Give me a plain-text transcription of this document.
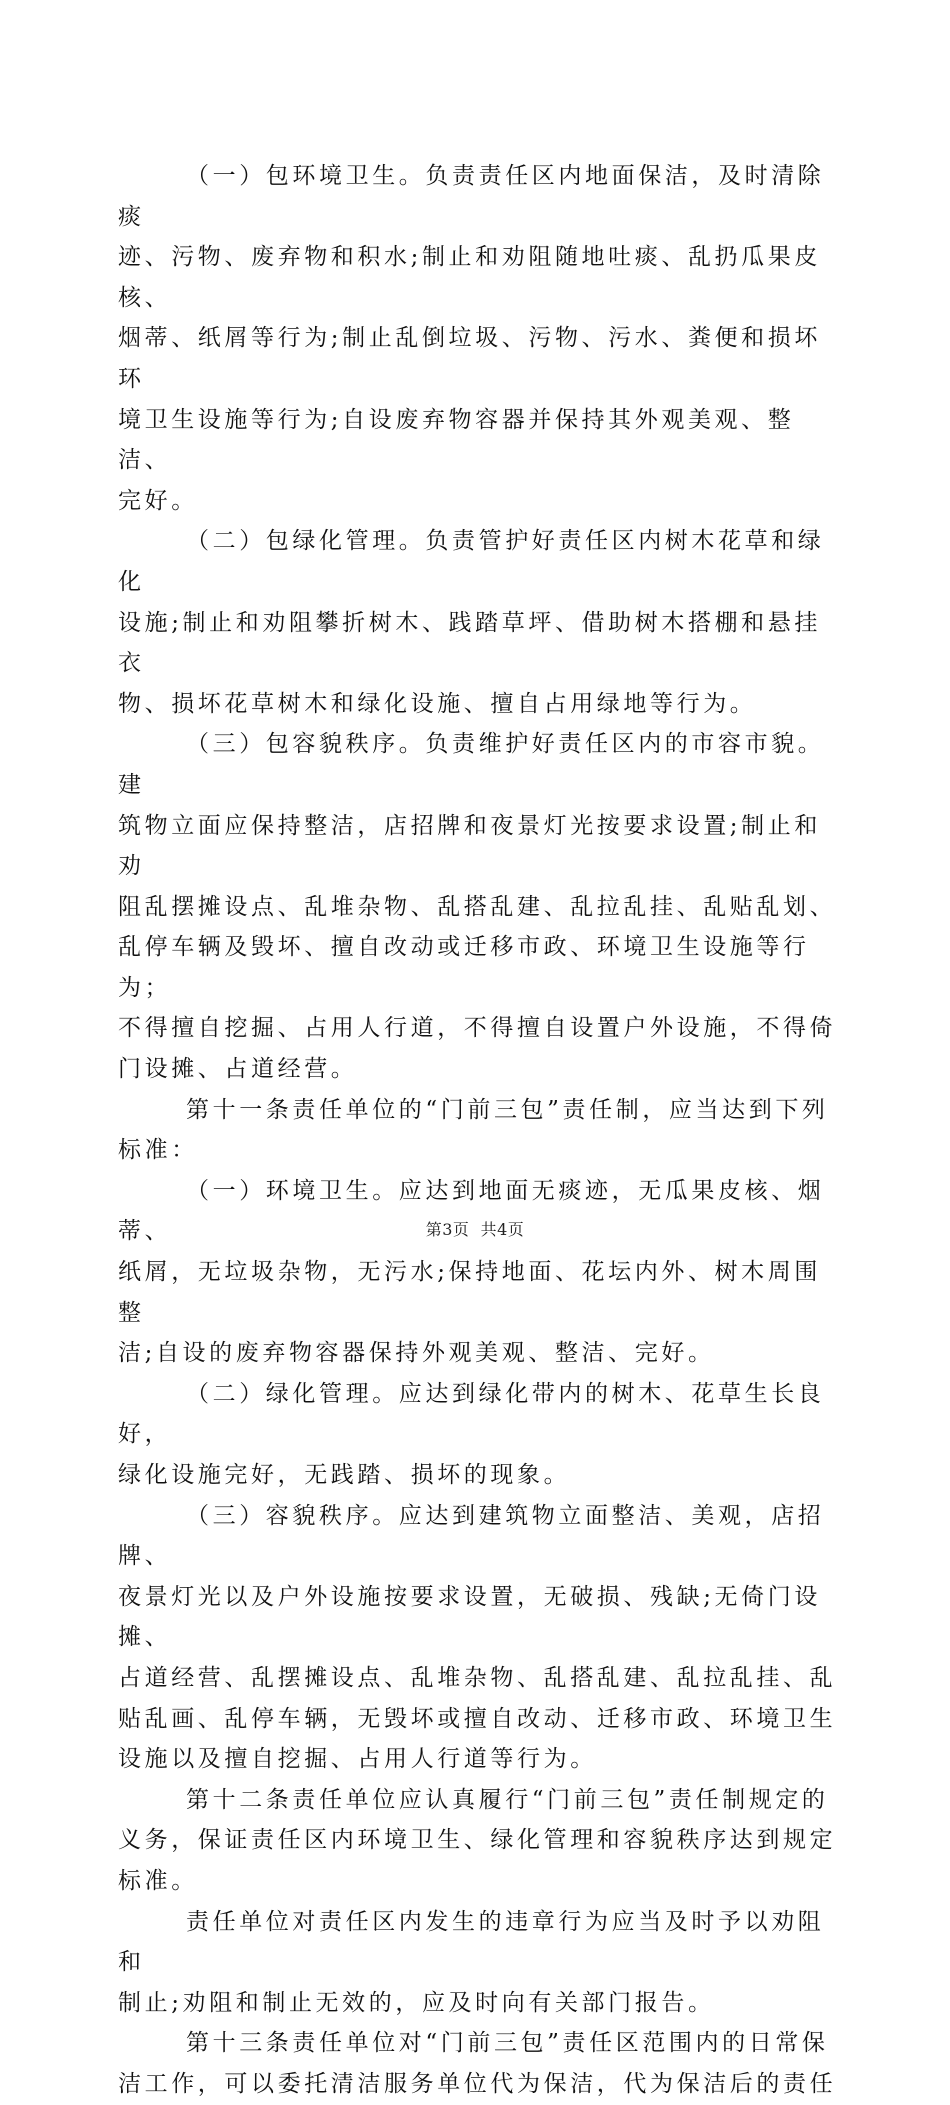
（一）包环境卫生。负责责任区内地面保洁，及时清除痰

迹、污物、废弃物和积水;制止和劝阻随地吐痰、乱扔瓜果皮核、

烟蒂、纸屑等行为;制止乱倒垃圾、污物、污水、粪便和损坏环

境卫生设施等行为;自设废弃物容器并保持其外观美观、整洁、

完好。

（二）包绿化管理。负责管护好责任区内树木花草和绿化

设施;制止和劝阻攀折树木、践踏草坪、借助树木搭棚和悬挂衣

物、损坏花草树木和绿化设施、擅自占用绿地等行为。

（三）包容貌秩序。负责维护好责任区内的市容市貌。建

筑物立面应保持整洁，店招牌和夜景灯光按要求设置;制止和劝

阻乱摆摊设点、乱堆杂物、乱搭乱建、乱拉乱挂、乱贴乱划、

乱停车辆及毁坏、擅自改动或迁移市政、环境卫生设施等行为；

不得擅自挖掘、占用人行道，不得擅自设置户外设施，不得倚

门设摊、占道经营。

第十一条责任单位的“门前三包”责任制，应当达到下列

标准：

（一）环境卫生。应达到地面无痰迹，无瓜果皮核、烟蒂、

纸屑，无垃圾杂物，无污水;保持地面、花坛内外、树木周围整

洁;自设的废弃物容器保持外观美观、整洁、完好。

（二）绿化管理。应达到绿化带内的树木、花草生长良好，

绿化设施完好，无践踏、损坏的现象。

（三）容貌秩序。应达到建筑物立面整洁、美观，店招牌、

夜景灯光以及户外设施按要求设置，无破损、残缺;无倚门设摊、

占道经营、乱摆摊设点、乱堆杂物、乱搭乱建、乱拉乱挂、乱

贴乱画、乱停车辆，无毁坏或擅自改动、迁移市政、环境卫生

设施以及擅自挖掘、占用人行道等行为。

第十二条责任单位应认真履行“门前三包”责任制规定的

义务，保证责任区内环境卫生、绿化管理和容貌秩序达到规定

标准。

责任单位对责任区内发生的违章行为应当及时予以劝阻和

制止;劝阻和制止无效的，应及时向有关部门报告。

第十三条责任单位对“门前三包”责任区范围内的日常保

洁工作，可以委托清洁服务单位代为保洁，代为保洁后的责任

第3页  共4页
